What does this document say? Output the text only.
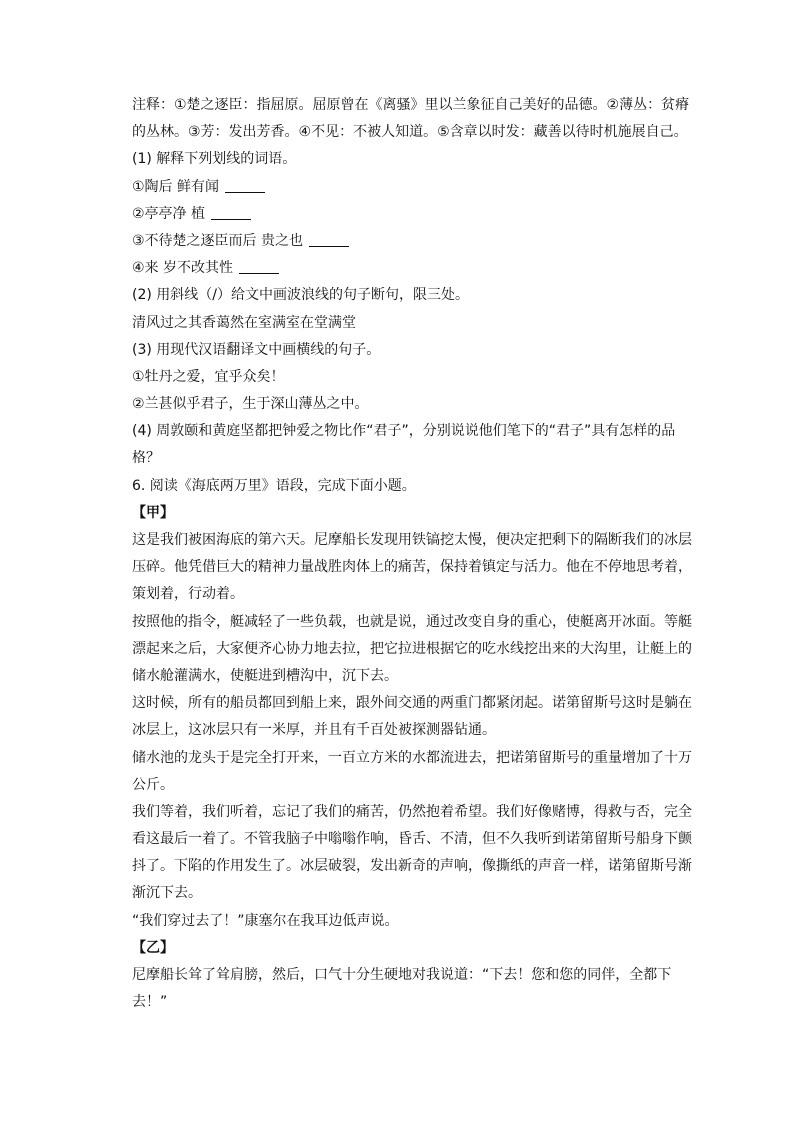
注释：①楚之逐臣：指屈原。屈原曾在《离骚》里以兰象征自己美好的品德。②薄丛：贫瘠
的丛林。③芳：发出芳香。④不见：不被人知道。⑤含章以时发：藏善以待时机施展自己。
(1) 解释下列划线的词语。
①陶后 鲜有闻
②亭亭净 植
③不待楚之逐臣而后 贵之也
④来 岁不改其性
(2) 用斜线（/）给文中画波浪线的句子断句，限三处。
清风过之其香蔼然在室满室在堂满堂
(3) 用现代汉语翻译文中画横线的句子。
①牡丹之爱，宜乎众矣！
②兰甚似乎君子，生于深山薄丛之中。
(4) 周敦颐和黄庭坚都把钟爱之物比作“君子”，分别说说他们笔下的“君子”具有怎样的品
格？
6. 阅读《海底两万里》语段，完成下面小题。
【甲】
这是我们被困海底的第六天。尼摩船长发现用铁镐挖太慢，便决定把剩下的隔断我们的冰层
压碎。他凭借巨大的精神力量战胜肉体上的痛苦，保持着镇定与活力。他在不停地思考着，
策划着，行动着。
按照他的指令，艇减轻了一些负载，也就是说，通过改变自身的重心，使艇离开冰面。等艇
漂起来之后，大家便齐心协力地去拉，把它拉进根据它的吃水线挖出来的大沟里，让艇上的
储水舱灌满水，使艇进到槽沟中，沉下去。
这时候，所有的船员都回到船上来，跟外间交通的两重门都紧闭起。诺第留斯号这时是躺在
冰层上，这冰层只有一米厚，并且有千百处被探测器钻通。
储水池的龙头于是完全打开来，一百立方米的水都流进去，把诺第留斯号的重量增加了十万
公斤。
我们等着，我们听着，忘记了我们的痛苦，仍然抱着希望。我们好像赌博，得救与否，完全
看这最后一着了。不管我脑子中嗡嗡作响，昏舌、不清，但不久我听到诺第留斯号船身下颤
抖了。下陷的作用发生了。冰层破裂，发出新奇的声响，像撕纸的声音一样，诺第留斯号渐
渐沉下去。
“我们穿过去了！”康塞尔在我耳边低声说。
【乙】
尼摩船长耸了耸肩膀，然后，口气十分生硬地对我说道：“下去！您和您的同伴，全都下
去！”
